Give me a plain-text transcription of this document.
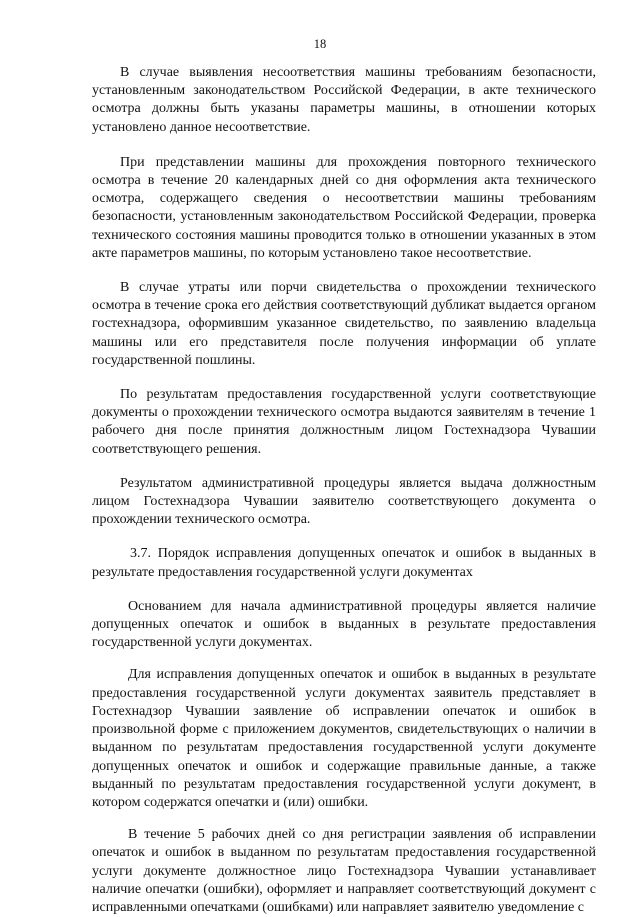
18

В случае выявления несоответствия машины требованиям безопасности, установленным законодательством Российской Федерации, в акте технического осмотра должны быть указаны параметры машины, в отношении которых установлено данное несоответствие.

При представлении машины для прохождения повторного технического осмотра в течение 20 календарных дней со дня оформления акта технического осмотра, содержащего сведения о несоответствии машины требованиям безопасности, установленным законодательством Российской Федерации, проверка технического состояния машины проводится только в отношении указанных в этом акте параметров машины, по которым установлено такое несоответствие.

В случае утраты или порчи свидетельства о прохождении технического осмотра в течение срока его действия соответствующий дубликат выдается органом гостехнадзора, оформившим указанное свидетельство, по заявлению владельца машины или его представителя после получения информации об уплате государственной пошлины.

По результатам предоставления государственной услуги соответствующие документы о прохождении технического осмотра выдаются заявителям в течение 1 рабочего дня после принятия должностным лицом Гостехнадзора Чувашии соответствующего решения.

Результатом административной процедуры является выдача должностным лицом Гостехнадзора Чувашии заявителю соответствующего документа о прохождении технического осмотра.

3.7. Порядок исправления допущенных опечаток и ошибок в выданных в результате предоставления государственной услуги документах

Основанием для начала административной процедуры является наличие допущенных опечаток и ошибок в выданных в результате предоставления государственной услуги документах.

Для исправления допущенных опечаток и ошибок в выданных в результате предоставления государственной услуги документах заявитель представляет в Гостехнадзор Чувашии заявление об исправлении опечаток и ошибок в произвольной форме с приложением документов, свидетельствующих о наличии в выданном по результатам предоставления государственной услуги документе допущенных опечаток и ошибок и содержащие правильные данные, а также выданный по результатам предоставления государственной услуги документ, в котором содержатся опечатки и (или) ошибки.

В течение 5 рабочих дней со дня регистрации заявления об исправлении опечаток и ошибок в выданном по результатам предоставления государственной услуги документе должностное лицо Гостехнадзора Чувашии устанавливает наличие опечатки (ошибки), оформляет и направляет соответствующий документ с исправленными опечатками (ошибками) или направляет заявителю уведомление с
